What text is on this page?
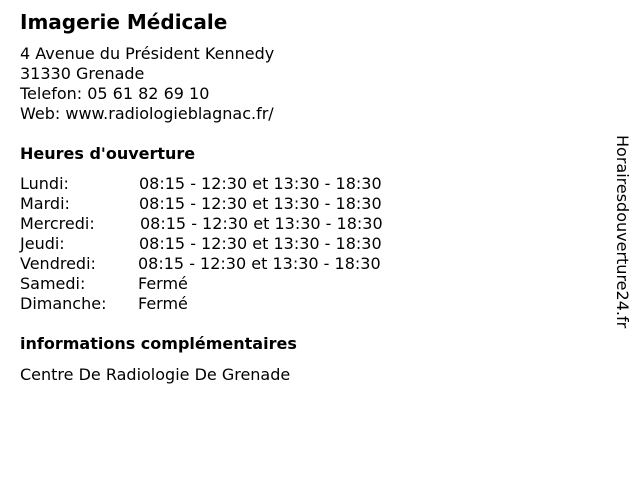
Imagerie Médicale
4 Avenue du Président Kennedy
31330 Grenade
Telefon: 05 61 82 69 10
Web: www.radiologieblagnac.fr/
Heures d'ouverture
Lundi:	08:15 - 12:30 et 13:30 - 18:30
Mardi:	08:15 - 12:30 et 13:30 - 18:30
Mercredi:	08:15 - 12:30 et 13:30 - 18:30
Jeudi:	08:15 - 12:30 et 13:30 - 18:30
Vendredi:	08:15 - 12:30 et 13:30 - 18:30
Samedi:	Fermé
Dimanche: Fermé
informations complémentaires
Centre De Radiologie De Grenade
Horairesdouverture24.fr
